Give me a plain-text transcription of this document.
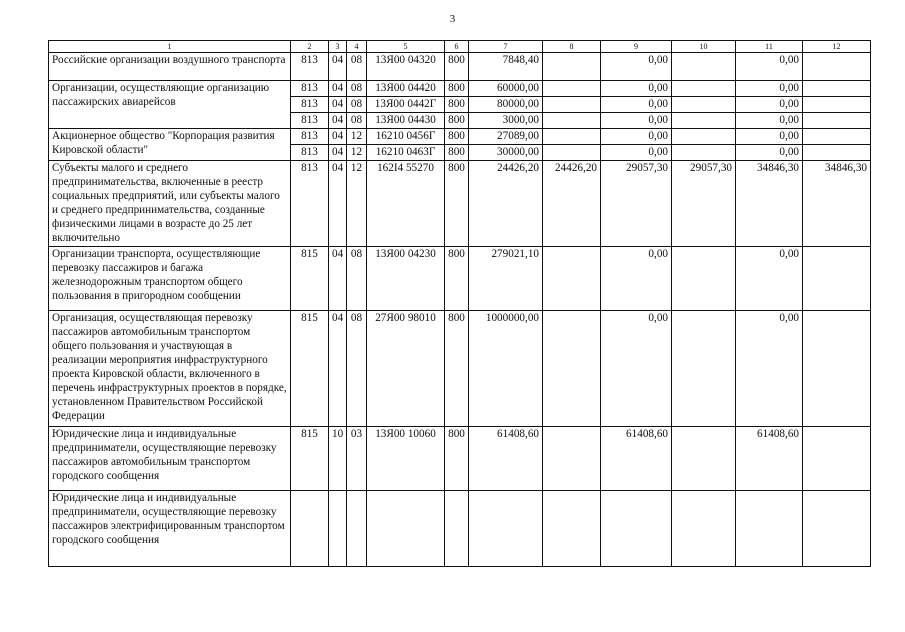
3
1	2	3	4	5	6	7	8	9	10	11	12
Российские организации воздушного транспорта	813	04	08	13Я00 04320	800	7848,40		0,00		0,00	
Организации, осуществляющие организацию пассажирских авиарейсов	813	04	08	13Я00 04420	800	60000,00		0,00		0,00	
	813	04	08	13Я00 0442Г	800	80000,00		0,00		0,00	
	813	04	08	13Я00 04430	800	3000,00		0,00		0,00	
Акционерное общество "Корпорация развития Кировской области"	813	04	12	16210 0456Г	800	27089,00		0,00		0,00	
	813	04	12	16210 0463Г	800	30000,00		0,00		0,00	
Субъекты малого и среднего предпринимательства, включенные в реестр социальных предприятий, или субъекты малого и среднего предпринимательства, созданные физическими лицами в возрасте до 25 лет включительно	813	04	12	162I4 55270	800	24426,20	24426,20	29057,30	29057,30	34846,30	34846,30
Организации транспорта, осуществляющие перевозку пассажиров и багажа железнодорожным транспортом общего пользования в пригородном сообщении	815	04	08	13Я00 04230	800	279021,10		0,00		0,00	
Организация, осуществляющая перевозку пассажиров автомобильным транспортом общего пользования и участвующая в реализации мероприятия инфраструктурного проекта Кировской области, включенного в перечень инфраструктурных проектов в порядке, установленном Правительством Российской Федерации	815	04	08	27Я00 98010	800	1000000,00		0,00		0,00	
Юридические лица и индивидуальные предприниматели, осуществляющие перевозку пассажиров автомобильным транспортом городского сообщения	815	10	03	13Я00 10060	800	61408,60		61408,60		61408,60	
Юридические лица и индивидуальные предприниматели, осуществляющие перевозку пассажиров электрифицированным транспортом городского сообщения											
